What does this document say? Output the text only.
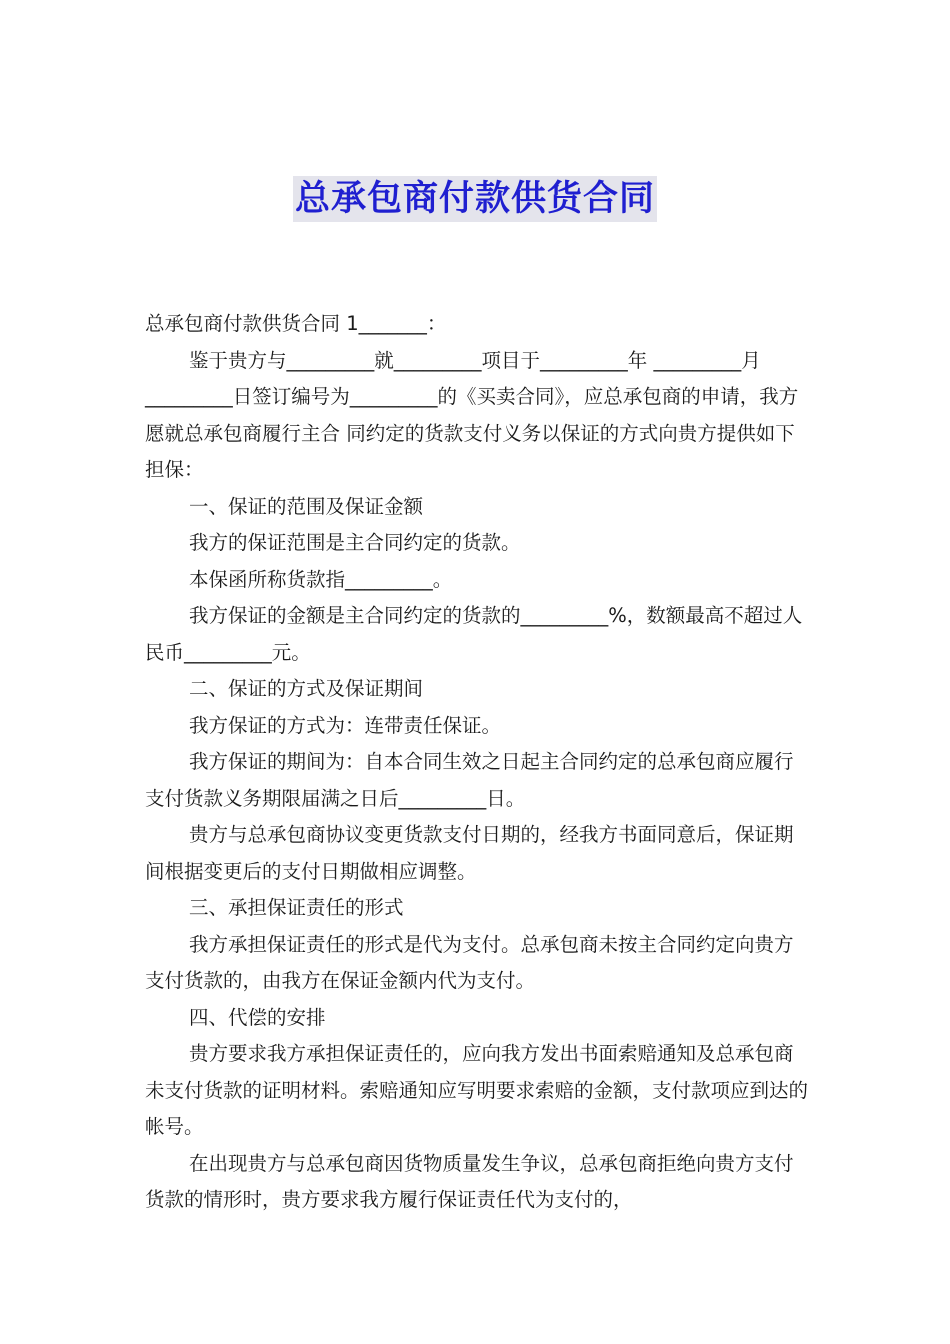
总承包商付款供货合同

总承包商付款供货合同 1_______：

鉴于贵方与_________就_________项目于_________年 _________月_________日签订编号为_________的《买卖合同》，应总承包商的申请，我方愿就总承包商履行主合 同约定的货款支付义务以保证的方式向贵方提供如下担保：

一、保证的范围及保证金额

我方的保证范围是主合同约定的货款。

本保函所称货款指_________。

我方保证的金额是主合同约定的货款的_________%，数额最高不超过人民币_________元。

二、保证的方式及保证期间

我方保证的方式为：连带责任保证。

我方保证的期间为：自本合同生效之日起主合同约定的总承包商应履行支付货款义务期限届满之日后_________日。

贵方与总承包商协议变更货款支付日期的，经我方书面同意后，保证期间根据变更后的支付日期做相应调整。

三、承担保证责任的形式

我方承担保证责任的形式是代为支付。总承包商未按主合同约定向贵方支付货款的，由我方在保证金额内代为支付。

四、代偿的安排

贵方要求我方承担保证责任的，应向我方发出书面索赔通知及总承包商未支付货款的证明材料。索赔通知应写明要求索赔的金额，支付款项应到达的帐号。

在出现贵方与总承包商因货物质量发生争议，总承包商拒绝向贵方支付货款的情形时，贵方要求我方履行保证责任代为支付的，
